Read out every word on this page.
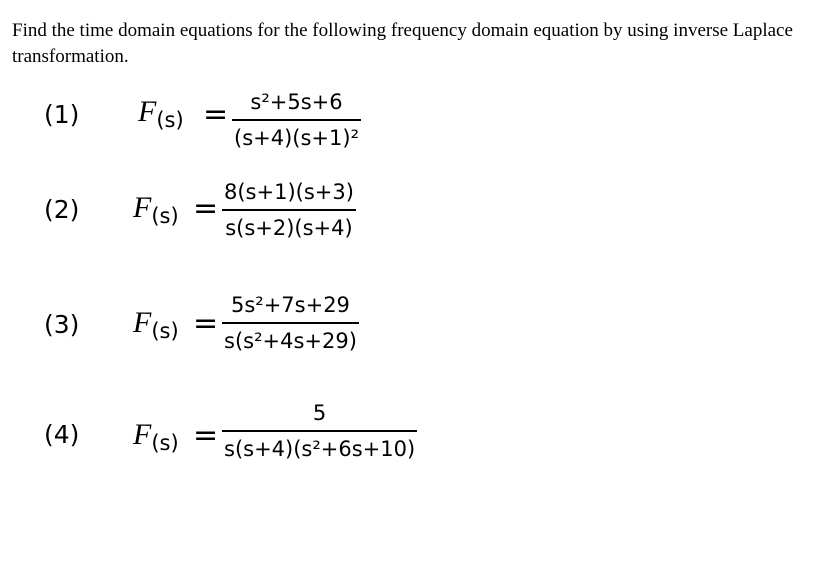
Find the time domain equations for the following frequency domain equation by using inverse Laplace transformation.
(1) $F_{(s)}$ =	s²+5s+6
(s+4)(s+1)²
(2) $F_{(s)} = 8(s+1)(s+3)$
s(s+2)(s+4)
(3) $F_{(s)}$ =
5s²+7s+29
s(s²+4s+29)
(4) $F_{(s)}$ =
5
s(s+4)(s²+6s+10)
